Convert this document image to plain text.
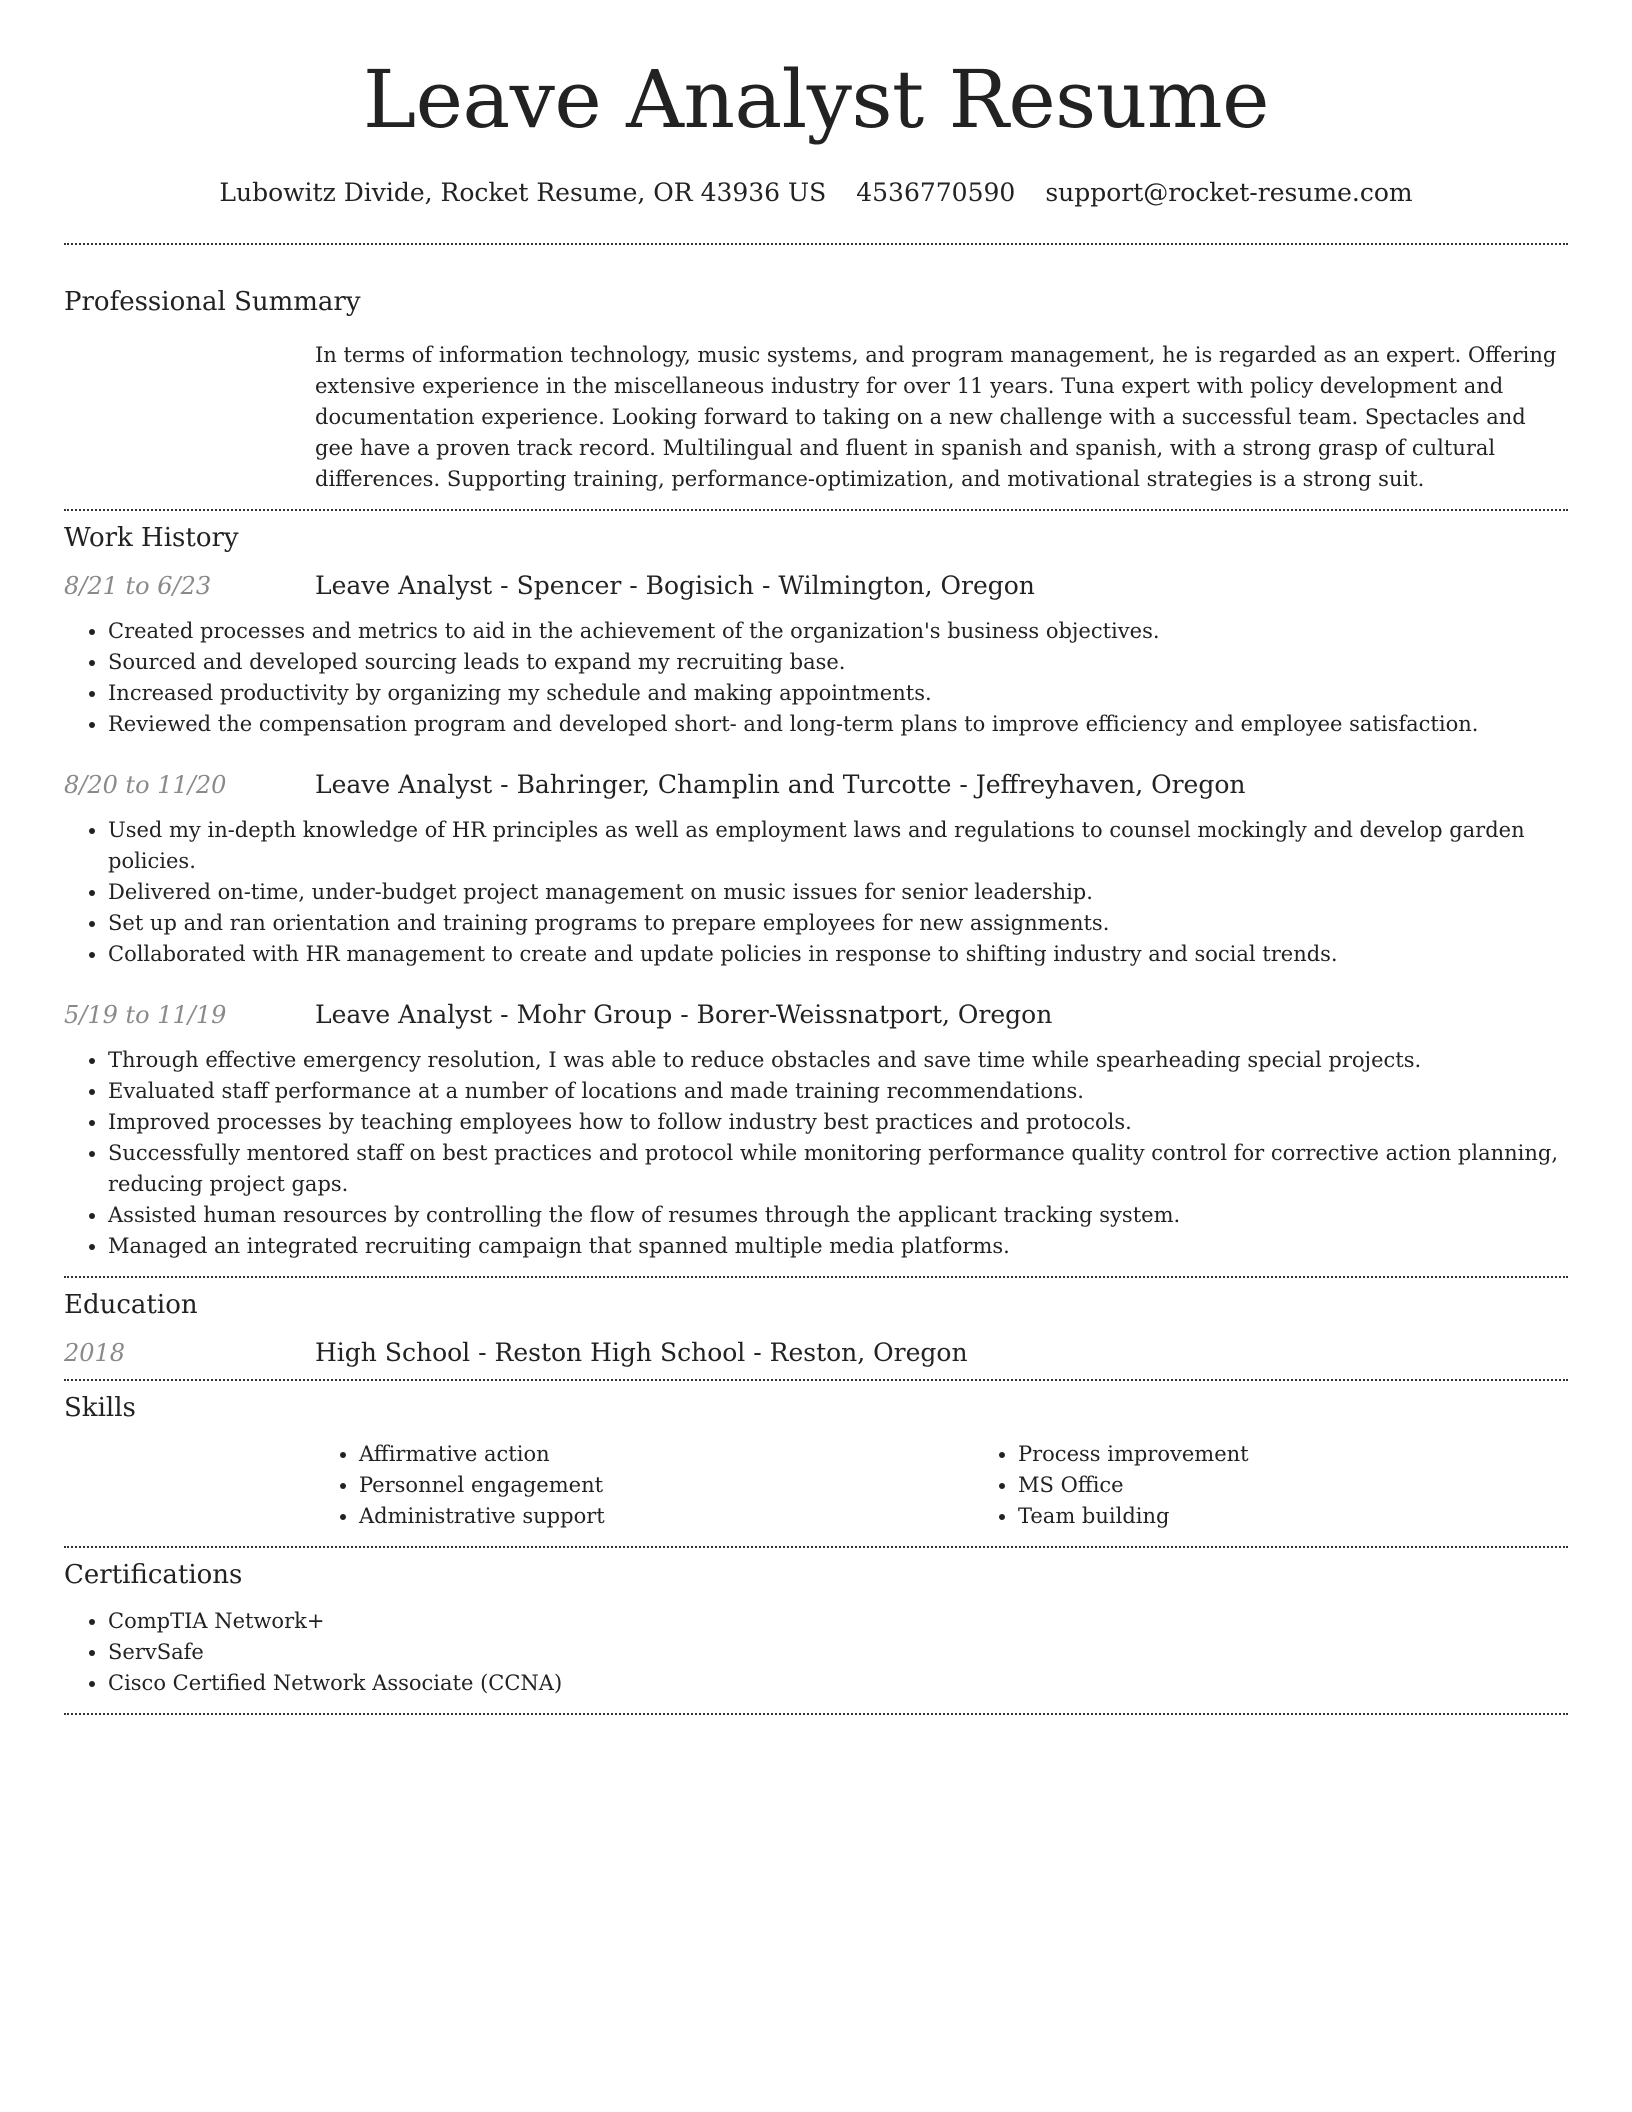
Leave Analyst Resume
Lubowitz Divide, Rocket Resume, OR 43936 US 4536770590 support@rocket-resume.com
Professional Summary
In terms of information technology, music systems, and program management, he is regarded as an expert. Offering extensive experience in the miscellaneous industry for over 11 years. Tuna expert with policy development and documentation experience. Looking forward to taking on a new challenge with a successful team. Spectacles and gee have a proven track record. Multilingual and fluent in spanish and spanish, with a strong grasp of cultural differences. Supporting training, performance-optimization, and motivational strategies is a strong suit.
Work History
8/21 to 6/23	Leave Analyst - Spencer - Bogisich - Wilmington, Oregon
• Created processes and metrics to aid in the achievement of the organization's business objectives.
• Sourced and developed sourcing leads to expand my recruiting base.
• Increased productivity by organizing my schedule and making appointments.
• Reviewed the compensation program and developed short- and long-term plans to improve efficiency and employee satisfaction.
8/20 to 11/20	Leave Analyst - Bahringer, Champlin and Turcotte - Jeffreyhaven, Oregon
• Used my in-depth knowledge of HR principles as well as employment laws and regulations to counsel mockingly and develop garden policies.
• Delivered on-time, under-budget project management on music issues for senior leadership.
• Set up and ran orientation and training programs to prepare employees for new assignments.
• Collaborated with HR management to create and update policies in response to shifting industry and social trends.
5/19 to 11/19	Leave Analyst - Mohr Group - Borer-Weissnatport, Oregon
• Through effective emergency resolution, I was able to reduce obstacles and save time while spearheading special projects.
• Evaluated staff performance at a number of locations and made training recommendations.
• Improved processes by teaching employees how to follow industry best practices and protocols.
• Successfully mentored staff on best practices and protocol while monitoring performance quality control for corrective action planning, reducing project gaps.
• Assisted human resources by controlling the flow of resumes through the applicant tracking system.
• Managed an integrated recruiting campaign that spanned multiple media platforms.
Education
2018	High School - Reston High School - Reston, Oregon
Skills
• Affirmative action
• Personnel engagement
• Administrative support
• Process improvement
• MS Office
• Team building
Certifications
• CompTIA Network+
• ServSafe
• Cisco Certified Network Associate (CCNA)
